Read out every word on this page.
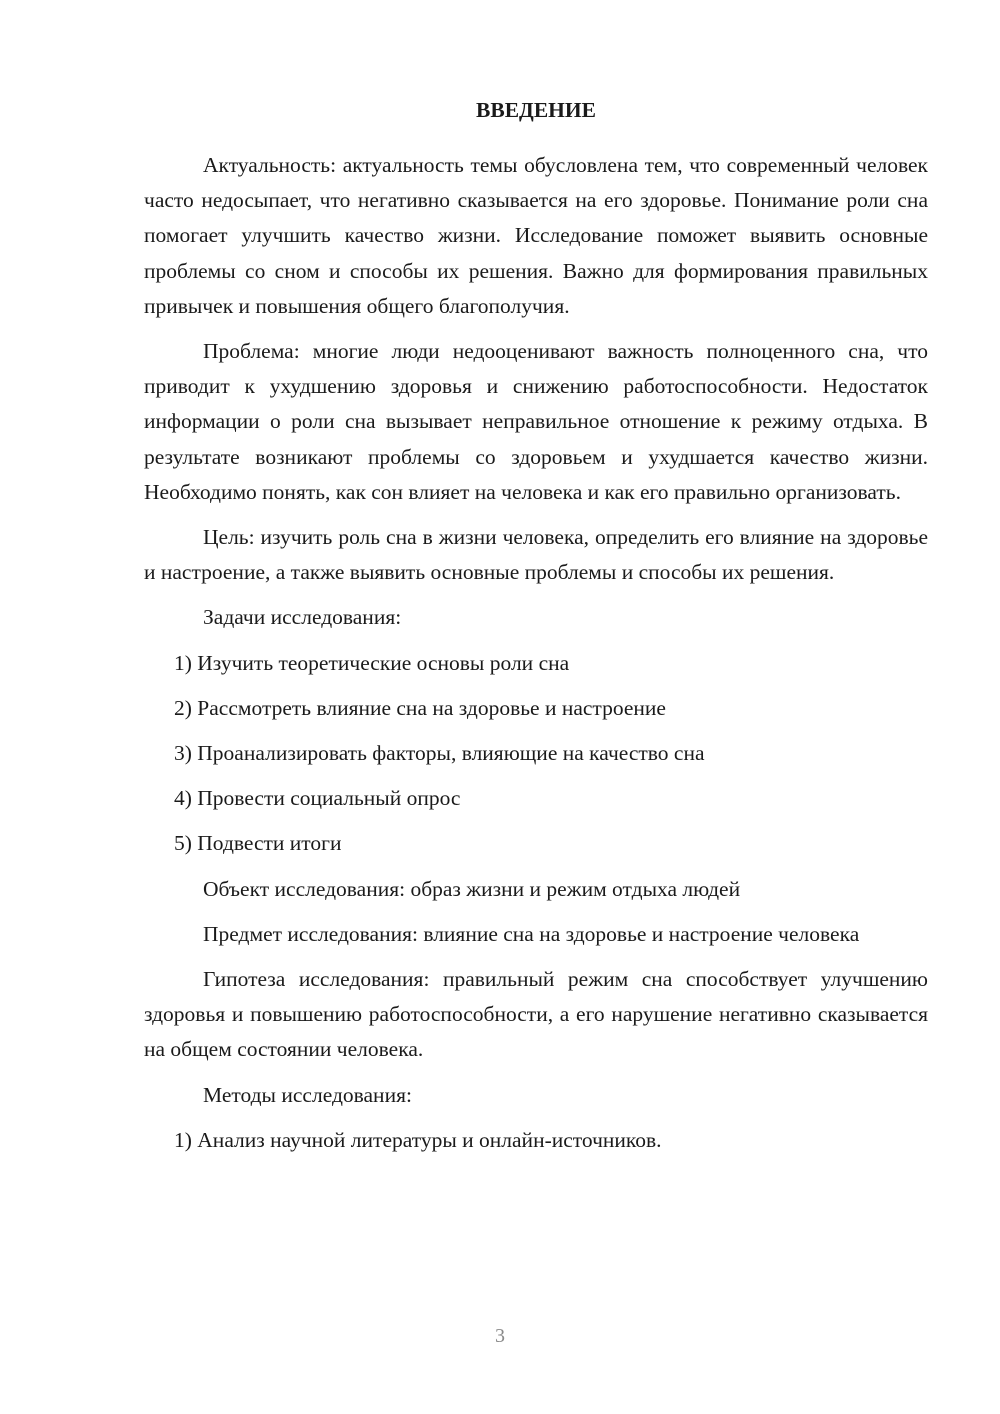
ВВЕДЕНИЕ

Актуальность: актуальность темы обусловлена тем, что современный человек часто недосыпает, что негативно сказывается на его здоровье. Понимание роли сна помогает улучшить качество жизни. Исследование поможет выявить основные проблемы со сном и способы их решения. Важно для формирования правильных привычек и повышения общего благополучия.

Проблема: многие люди недооценивают важность полноценного сна, что приводит к ухудшению здоровья и снижению работоспособности. Недостаток информации о роли сна вызывает неправильное отношение к режиму отдыха. В результате возникают проблемы со здоровьем и ухудшается качество жизни. Необходимо понять, как сон влияет на человека и как его правильно организовать.

Цель: изучить роль сна в жизни человека, определить его влияние на здоровье и настроение, а также выявить основные проблемы и способы их решения.

Задачи исследования:

1) Изучить теоретические основы роли сна
2) Рассмотреть влияние сна на здоровье и настроение
3) Проанализировать факторы, влияющие на качество сна
4) Провести социальный опрос
5) Подвести итоги

Объект исследования: образ жизни и режим отдыха людей

Предмет исследования: влияние сна на здоровье и настроение человека

Гипотеза исследования: правильный режим сна способствует улучшению здоровья и повышению работоспособности, а его нарушение негативно сказывается на общем состоянии человека.

Методы исследования:

1) Анализ научной литературы и онлайн-источников.
3
